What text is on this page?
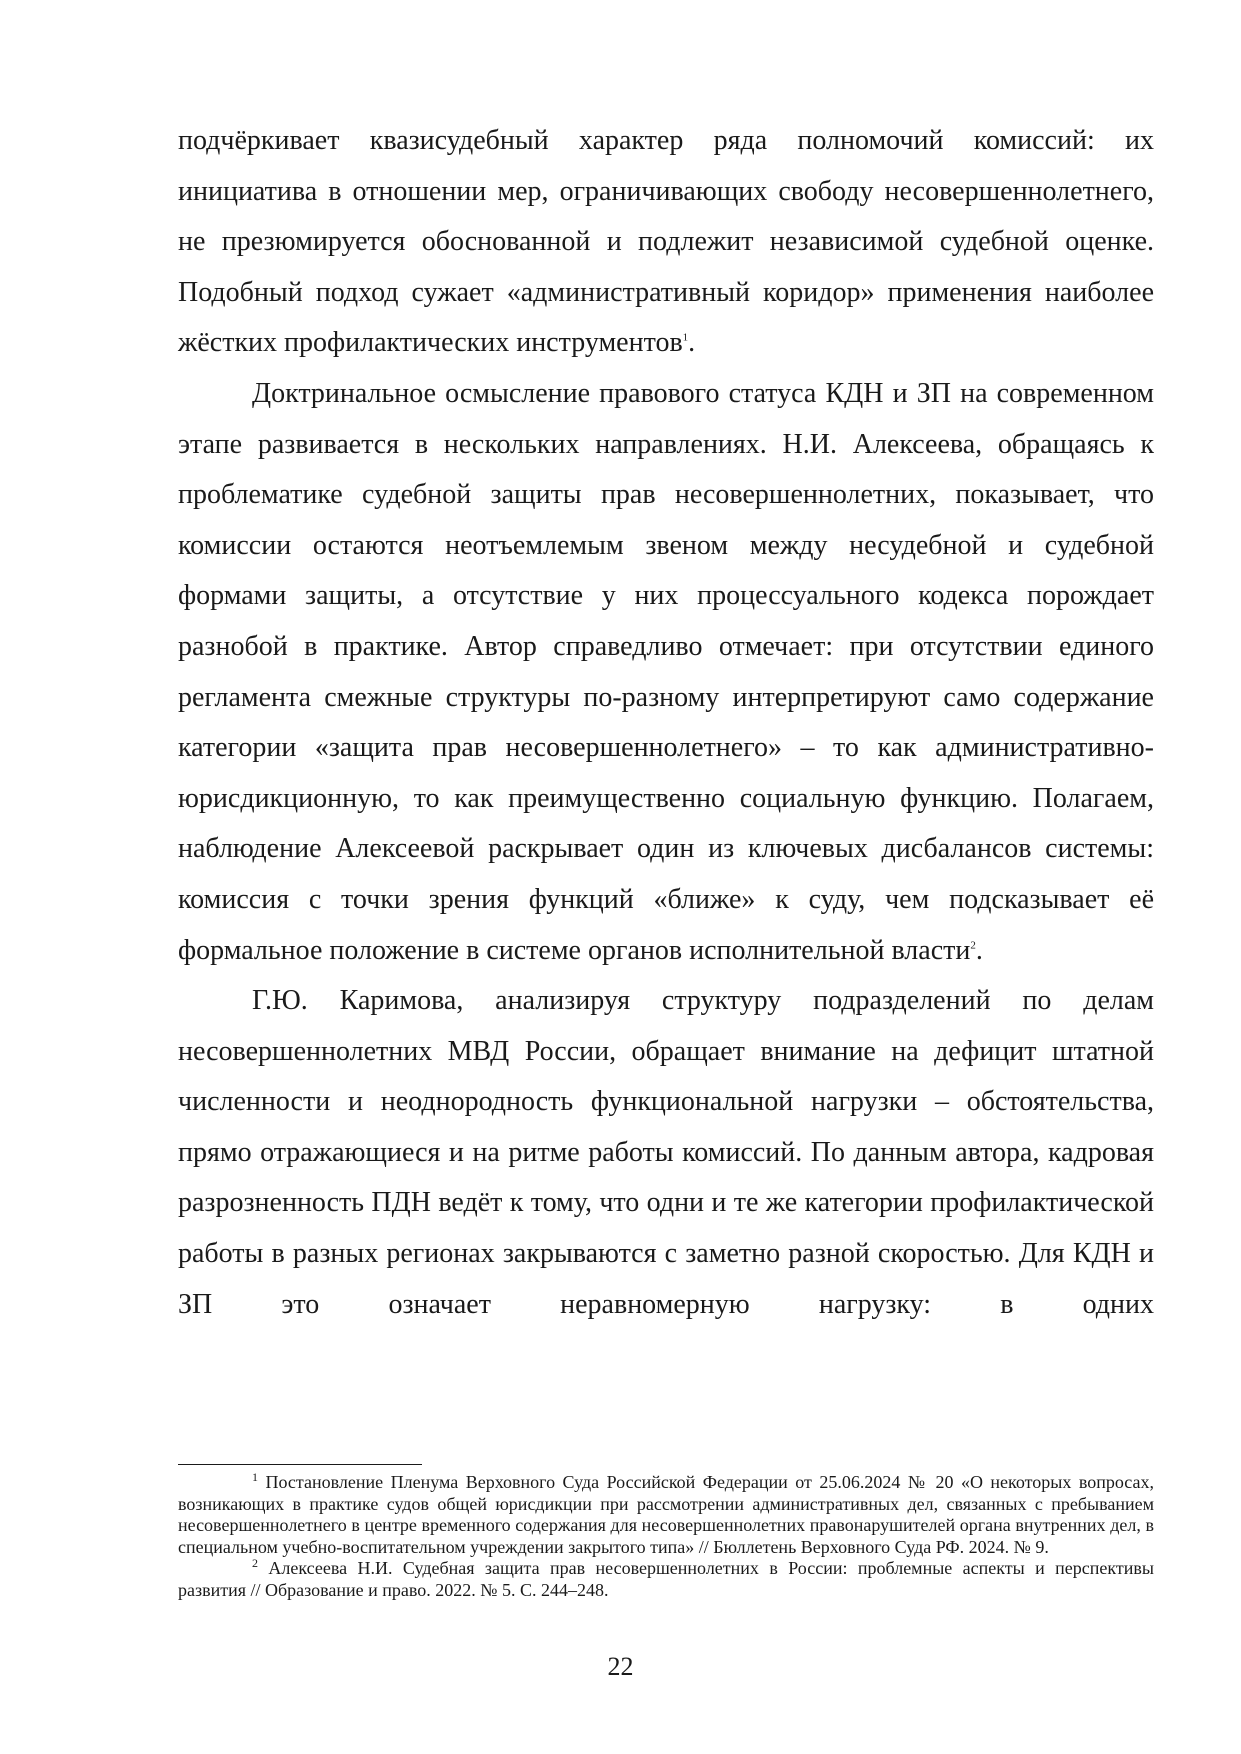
подчёркивает квазисудебный характер ряда полномочий комиссий: их инициатива в отношении мер, ограничивающих свободу несовершеннолетнего, не презюмируется обоснованной и подлежит независимой судебной оценке. Подобный подход сужает «административный коридор» применения наиболее жёстких профилактических инструментов$^1$.

Доктринальное осмысление правового статуса КДН и ЗП на современном этапе развивается в нескольких направлениях. Н.И. Алексеева, обращаясь к проблематике судебной защиты прав несовершеннолетних, показывает, что комиссии остаются неотъемлемым звеном между несудебной и судебной формами защиты, а отсутствие у них процессуального кодекса порождает разнобой в практике. Автор справедливо отмечает: при отсутствии единого регламента смежные структуры по-разному интерпретируют само содержание категории «защита прав несовершеннолетнего» – то как административно-юрисдикционную, то как преимущественно социальную функцию. Полагаем, наблюдение Алексеевой раскрывает один из ключевых дисбалансов системы: комиссия с точки зрения функций «ближе» к суду, чем подсказывает её формальное положение в системе органов исполнительной власти$^2$.

Г.Ю. Каримова, анализируя структуру подразделений по делам несовершеннолетних МВД России, обращает внимание на дефицит штатной численности и неоднородность функциональной нагрузки – обстоятельства, прямо отражающиеся и на ритме работы комиссий. По данным автора, кадровая разрозненность ПДН ведёт к тому, что одни и те же категории профилактической работы в разных регионах закрываются с заметно разной скоростью. Для КДН и ЗП это означает неравномерную нагрузку: в одних

$^1$ Постановление Пленума Верховного Суда Российской Федерации от 25.06.2024 № 20 «О некоторых вопросах, возникающих в практике судов общей юрисдикции при рассмотрении административных дел, связанных с пребыванием несовершеннолетнего в центре временного содержания для несовершеннолетних правонарушителей органа внутренних дел, в специальном учебно-воспитательном учреждении закрытого типа» // Бюллетень Верховного Суда РФ. 2024. № 9.

$^2$ Алексеева Н.И. Судебная защита прав несовершеннолетних в России: проблемные аспекты и перспективы развития // Образование и право. 2022. № 5. С. 244–248.

22
